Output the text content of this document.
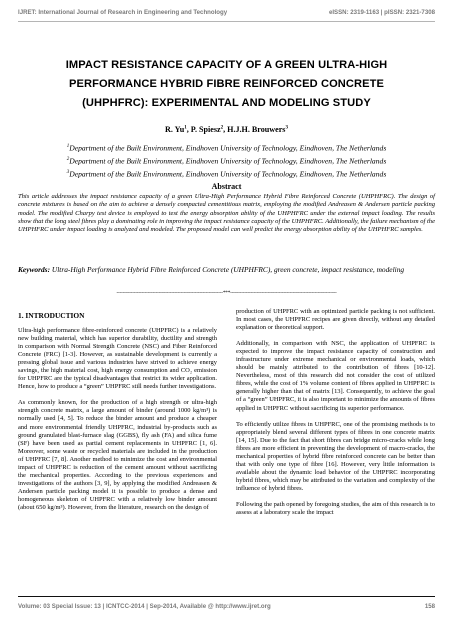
IJRET: International Journal of Research in Engineering and Technology	eISSN: 2319-1163 | pISSN: 2321-7308
IMPACT RESISTANCE CAPACITY OF A GREEN ULTRA-HIGH
PERFORMANCE HYBRID FIBRE REINFORCED CONCRETE
(UHPHFRC): EXPERIMENTAL AND MODELING STUDY
R. Yu$^1$, P. Spiesz$^2$, H.J.H. Brouwers$^3$
$^1$Department of the Built Environment, Eindhoven University of Technology, Eindhoven, The Netherlands
$^2$Department of the Built Environment, Eindhoven University of Technology, Eindhoven, The Netherlands
$^3$Department of the Built Environment, Eindhoven University of Technology, Eindhoven, The Netherlands
Abstract
This article addresses the impact resistance capacity of a green Ultra-High Performance Hybrid Fibre Reinforced Concrete (UHPHFRC). The design of concrete mixtures is based on the aim to achieve a densely compacted cementitious matrix, employing the modified Andreasen & Andersen particle packing model. The modified Charpy test device is employed to test the energy absorption ability of the UHPHFRC under the external impact loading. The results show that the long steel fibres play a dominating role in improving the impact resistance capacity of the UHPHFRC. Additionally, the failure mechanism of the UHPHFRC under impact loading is analyzed and modeled. The proposed model can well predict the energy absorption ability of the UHPHFRC samples.
Keywords: Ultra-High Performance Hybrid Fibre Reinforced Concrete (UHPHFRC), green concrete, impact resistance, modeling
--------------------------------------------------------------------***--------------------------------------------------------------------
1. INTRODUCTION

Ultra-high performance fibre-reinforced concrete (UHPFRC) is a relatively new building material, which has superior durability, ductility and strength in comparison with Normal Strength Concrete (NSC) and Fiber Reinforced Concrete (FRC) [1-3]. However, as sustainable development is currently a pressing global issue and various industries have strived to achieve energy savings, the high material cost, high energy consumption and CO₂ emission for UHPFRC are the typical disadvantages that restrict its wider application. Hence, how to produce a “green” UHPFRC still needs further investigations.

As commonly known, for the production of a high strength or ultra-high strength concrete matrix, a large amount of binder (around 1000 kg/m³) is normally used [4, 5]. To reduce the binder amount and produce a cheaper and more environmental friendly UHPFRC, industrial by-products such as ground granulated blast-furnace slag (GGBS), fly ash (FA) and silica fume (SF) have been used as partial cement replacements in UHPFRC [1, 6]. Moreover, some waste or recycled materials are included in the production of UHPFRC [7, 8]. Another method to minimize the cost and environmental impact of UHPFRC is reduction of the cement amount without sacrificing the mechanical properties. According to the previous experiences and investigations of the authors [3, 9], by applying the modified Andreasen & Andersen particle packing model it is possible to produce a dense and homogeneous skeleton of UHPFRC with a relatively low binder amount (about 650 kg/m³). However, from the literature, research on the design of

production of UHPFRC with an optimized particle packing is not sufficient. In most cases, the UHPFRC recipes are given directly, without any detailed explanation or theoretical support.

Additionally, in comparison with NSC, the application of UHPFRC is expected to improve the impact resistance capacity of construction and infrastructure under extreme mechanical or environmental loads, which should be mainly attributed to the contribution of fibres [10-12]. Nevertheless, most of this research did not consider the cost of utilized fibres, while the cost of 1% volume content of fibres applied in UHPFRC is generally higher than that of matrix [13]. Consequently, to achieve the goal of a “green” UHPFRC, it is also important to minimize the amounts of fibres applied in UHPFRC without sacrificing its superior performance.

To efficiently utilize fibres in UHPFRC, one of the promising methods is to appropriately blend several different types of fibres in one concrete matrix [14, 15]. Due to the fact that short fibres can bridge micro-cracks while long fibres are more efficient in preventing the development of macro-cracks, the mechanical properties of hybrid fibre reinforced concrete can be better than that with only one type of fibre [16]. However, very little information is available about the dynamic load behavior of the UHPFRC incorporating hybrid fibres, which may be attributed to the variation and complexity of the influence of hybrid fibres.

Following the path opened by foregoing studies, the aim of this research is to assess at a laboratory scale the impact

Volume: 03 Special Issue: 13 | ICNTCC-2014 | Sep-2014, Available @ http://www.ijret.org	158
